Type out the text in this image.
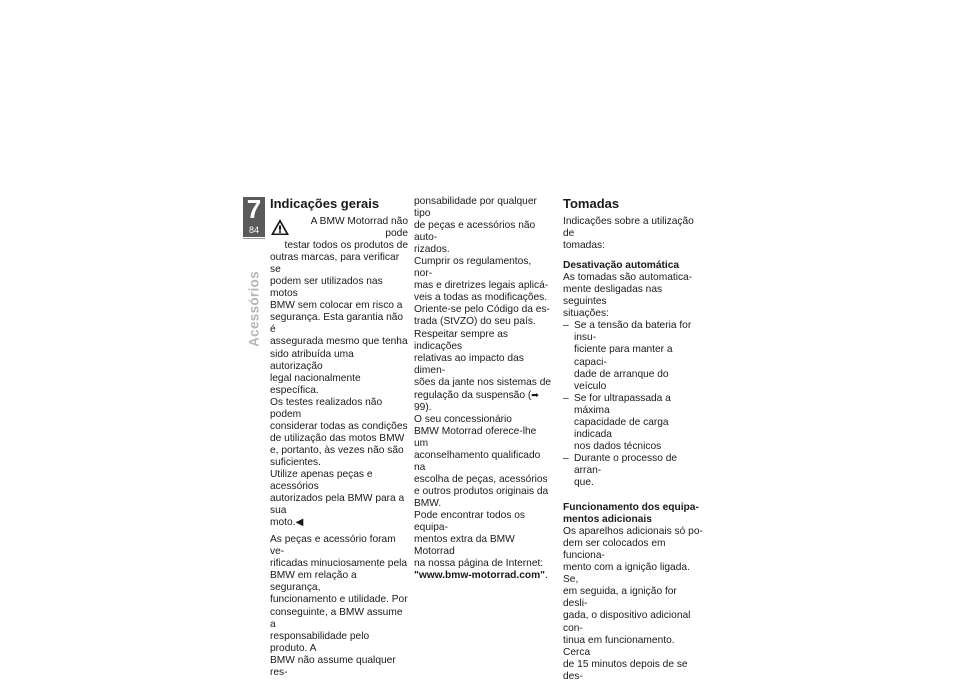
7
84
Acessórios
Indicações gerais
A BMW Motorrad não pode
testar todos os produtos de
outras marcas, para verificar se
podem ser utilizados nas motos
BMW sem colocar em risco a
segurança. Esta garantia não é
assegurada mesmo que tenha
sido atribuída uma autorização
legal nacionalmente específica.
Os testes realizados não podem
considerar todas as condições
de utilização das motos BMW
e, portanto, às vezes não são
suficientes.
Utilize apenas peças e acessórios
autorizados pela BMW para a sua
moto.◀
As peças e acessório foram ve-
rificadas minuciosamente pela
BMW em relação a segurança,
funcionamento e utilidade. Por
conseguinte, a BMW assume a
responsabilidade pelo produto. A
BMW não assume qualquer res-
ponsabilidade por qualquer tipo
de peças e acessórios não auto-
rizados.
Cumprir os regulamentos, nor-
mas e diretrizes legais aplicá-
veis a todas as modificações.
Oriente-se pelo Código da es-
trada (StVZO) do seu país.
Respeitar sempre as indicações
relativas ao impacto das dimen-
sões da jante nos sistemas de
regulação da suspensão (➡ 99).
O seu concessionário
BMW Motorrad oferece-lhe um
aconselhamento qualificado na
escolha de peças, acessórios
e outros produtos originais da
BMW.
Pode encontrar todos os equipa-
mentos extra da BMW Motorrad
na nossa página de Internet:
"www.bmw-motorrad.com".
Tomadas
Indicações sobre a utilização de
tomadas:
Desativação automática
As tomadas são automatica-
mente desligadas nas seguintes
situações:
– Se a tensão da bateria for insu-
ficiente para manter a capaci-
dade de arranque do veículo
– Se for ultrapassada a máxima
capacidade de carga indicada
nos dados técnicos
– Durante o processo de arran-
que.
Funcionamento dos equipa-
mentos adicionais
Os aparelhos adicionais só po-
dem ser colocados em funciona-
mento com a ignição ligada. Se,
em seguida, a ignição for desli-
gada, o dispositivo adicional con-
tinua em funcionamento. Cerca
de 15 minutos depois de se des-
